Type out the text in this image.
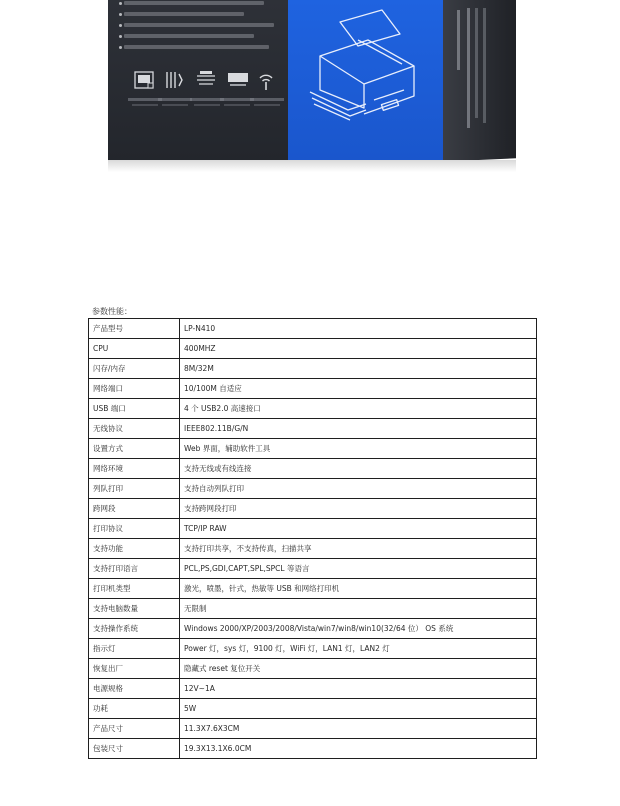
参数性能：
产品型号	LP-N410
CPU	400MHZ
闪存/内存	8M/32M
网络端口	10/100M 自适应
USB 端口	4 个 USB2.0 高速接口
无线协议	IEEE802.11B/G/N
设置方式	Web 界面，辅助软件工具
网络环境	支持无线或有线连接
列队打印	支持自动列队打印
跨网段	支持跨网段打印
打印协议	TCP/IP RAW
支持功能	支持打印共享，不支持传真，扫描共享
支持打印语言	PCL,PS,GDI,CAPT,SPL,SPCL 等语言
打印机类型	激光，喷墨，针式，热敏等 USB 和网络打印机
支持电脑数量	无限制
支持操作系统	Windows 2000/XP/2003/2008/Vista/win7/win8/win10(32/64 位） OS 系统
指示灯	Power 灯，sys 灯，9100 灯，WiFi 灯，LAN1 灯，LAN2 灯
恢复出厂	隐藏式 reset 复位开关
电源规格	12V~1A
功耗	5W
产品尺寸	11.3X7.6X3CM
包装尺寸	19.3X13.1X6.0CM
